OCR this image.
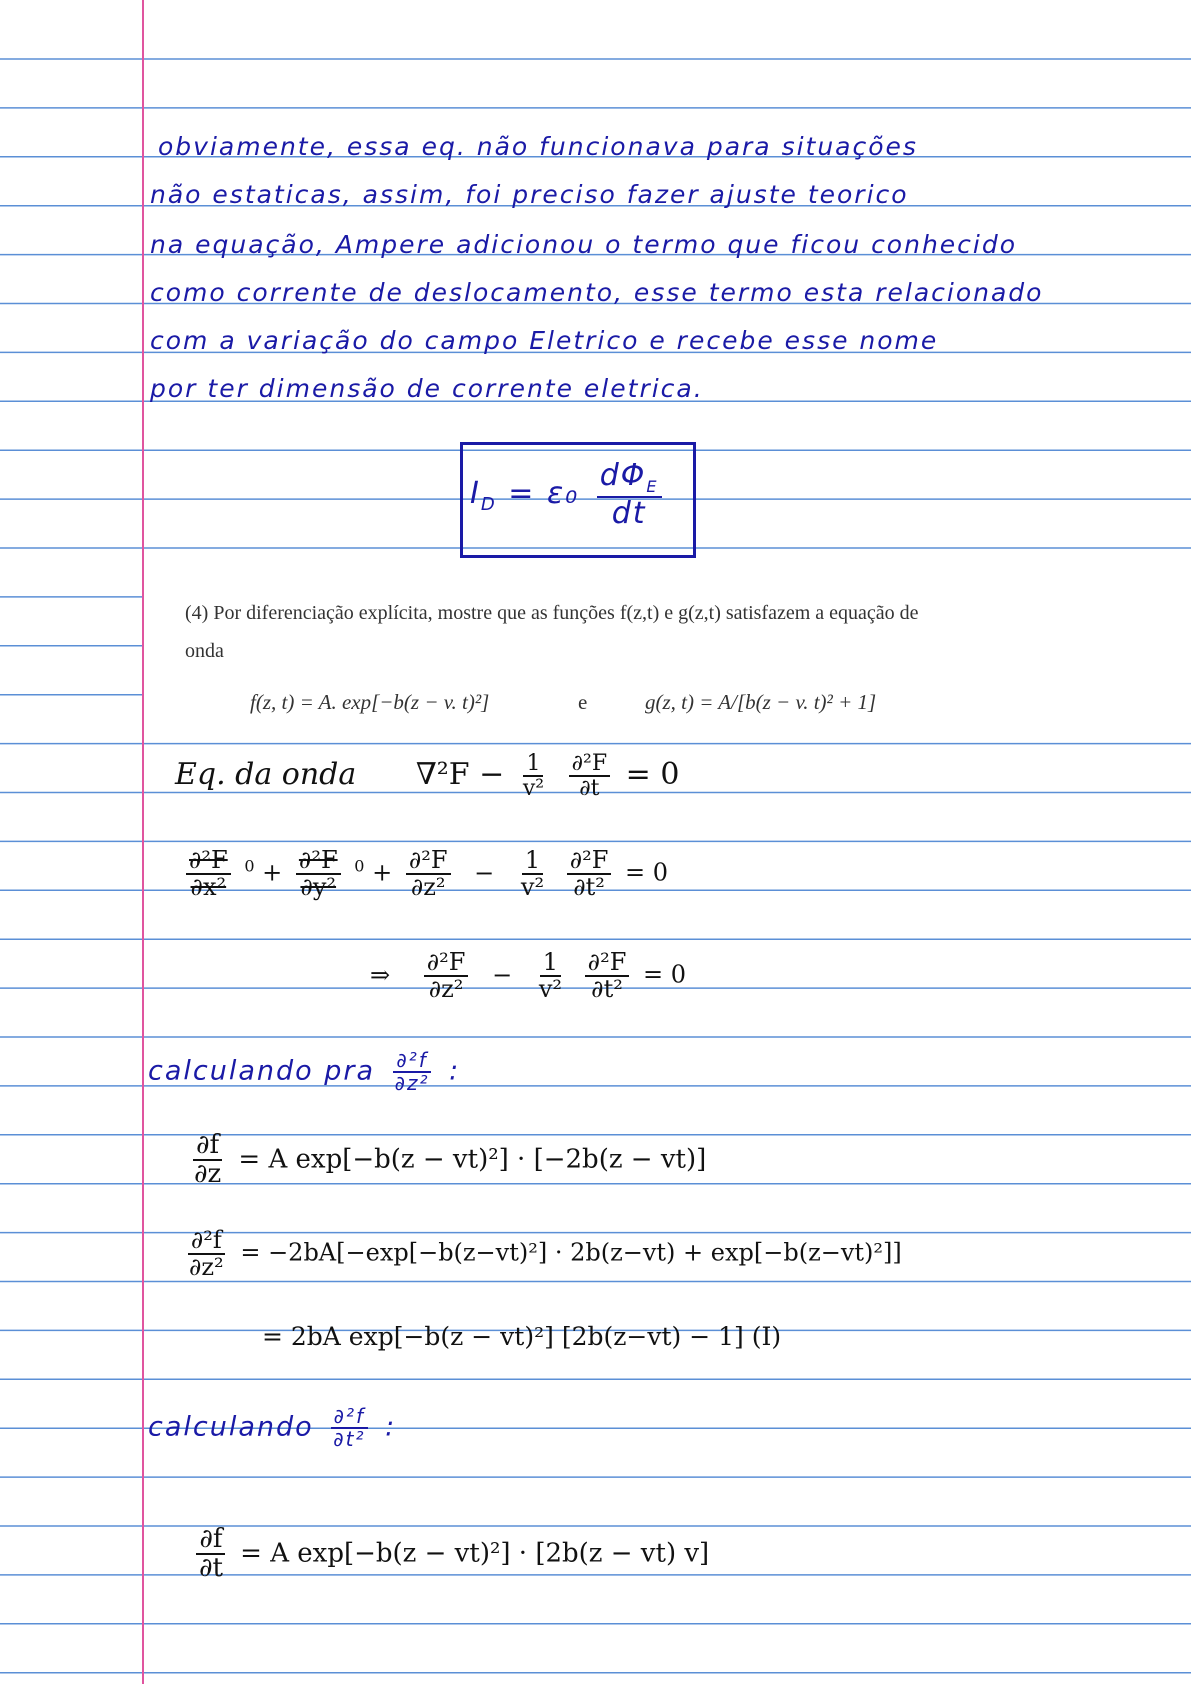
obviamente, essa eq. não funcionava para situações
não estaticas, assim, foi preciso fazer ajuste teorico
na equação, Ampere adicionou o termo que ficou conhecido
como corrente de deslocamento, esse termo esta relacionado
com a variação do campo Eletrico e recebe esse nome
por ter dimensão de corrente eletrica.
$I_D = \varepsilon_0 \frac{d\Phi_E}{dt}$
(4) Por diferenciação explícita, mostre que as funções f(z,t) e g(z,t) satisfazem a equação de
onda
f(z, t) = A. exp[−b(z − v. t)²]	e	g(z, t) = A/[b(z − v. t)² + 1]
Eq. da onda $\nabla^2F - \frac{1}{\text{v²}}$
$\frac{\text{∂²F}}{\partial t} = 0$
$\frac{\text{∂²F}}{\text{∂x²}} ^0 + \frac{\text{∂²F}}{\text{∂y²}} ^0 + \frac{\text{∂²F}}{\text{∂z²}} - \frac{1}{\text{v²}}$
$\frac{\text{∂²F}}{\text{∂t²}} = 0$
⇒ $\frac{\text{∂²F}}{\text{∂z²}} - \frac{1}{\text{v²}}$
$\frac{\text{∂²F}}{\text{∂t²}} = 0$
calculando pra $\frac{\text{∂²f}}{\text{∂z²}}$ :
$\frac{\partial f}{\partial z} = A$ exp[−b(z − vt)²] · [−2b(z − vt)]
$\frac{\text{∂²f}}{\text{∂z²}} = -2bA[-\exp[-b(z-vt)^2] \cdot 2b(z-vt) + \exp[-b(z-vt)^2]]$
= 2bA exp[−b(z − vt)²] [2b(z−vt) − 1] (I)
calculando $\frac{\text{∂²f}}{\text{∂t²}}$ :
$\frac{\partial f}{\partial t} = A$ exp[−b(z − vt)²] · [2b(z − vt) v]
